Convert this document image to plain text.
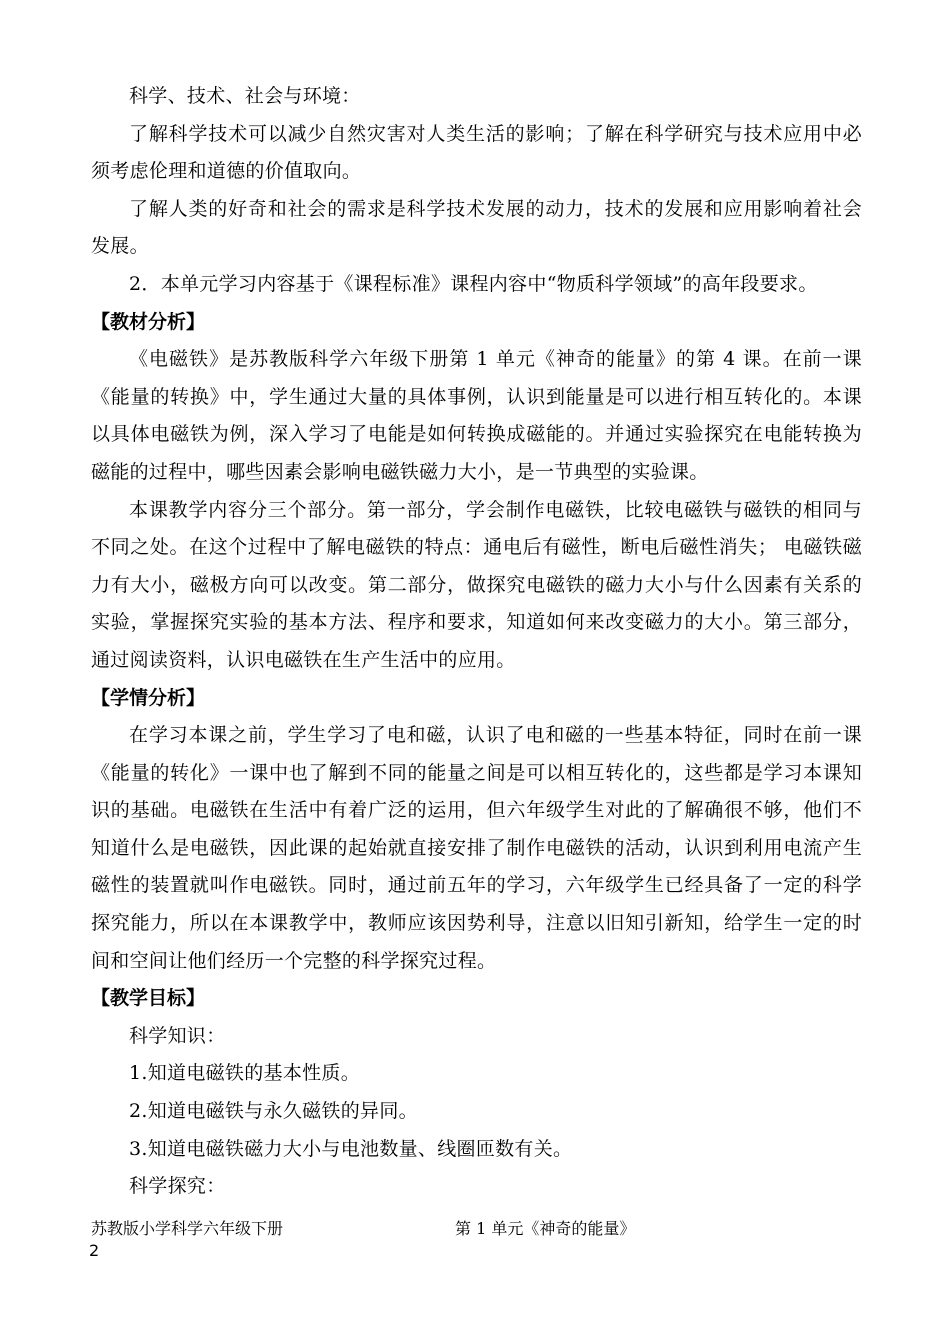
科学、技术、社会与环境：

了解科学技术可以减少自然灾害对人类生活的影响；了解在科学研究与技术应用中必须考虑伦理和道德的价值取向。

了解人类的好奇和社会的需求是科学技术发展的动力，技术的发展和应用影响着社会发展。

2．本单元学习内容基于《课程标准》课程内容中“物质科学领域”的高年段要求。

【教材分析】

《电磁铁》是苏教版科学六年级下册第 1 单元《神奇的能量》的第 4 课。在前一课《能量的转换》中，学生通过大量的具体事例，认识到能量是可以进行相互转化的。本课以具体电磁铁为例，深入学习了电能是如何转换成磁能的。并通过实验探究在电能转换为磁能的过程中，哪些因素会影响电磁铁磁力大小，是一节典型的实验课。

本课教学内容分三个部分。第一部分，学会制作电磁铁，比较电磁铁与磁铁的相同与不同之处。在这个过程中了解电磁铁的特点：通电后有磁性，断电后磁性消失； 电磁铁磁力有大小，磁极方向可以改变。第二部分，做探究电磁铁的磁力大小与什么因素有关系的实验，掌握探究实验的基本方法、程序和要求，知道如何来改变磁力的大小。第三部分，通过阅读资料，认识电磁铁在生产生活中的应用。

【学情分析】

在学习本课之前，学生学习了电和磁，认识了电和磁的一些基本特征，同时在前一课《能量的转化》一课中也了解到不同的能量之间是可以相互转化的，这些都是学习本课知识的基础。电磁铁在生活中有着广泛的运用，但六年级学生对此的了解确很不够，他们不知道什么是电磁铁，因此课的起始就直接安排了制作电磁铁的活动，认识到利用电流产生磁性的装置就叫作电磁铁。同时，通过前五年的学习，六年级学生已经具备了一定的科学探究能力，所以在本课教学中，教师应该因势利导，注意以旧知引新知，给学生一定的时间和空间让他们经历一个完整的科学探究过程。

【教学目标】

科学知识：

1.知道电磁铁的基本性质。

2.知道电磁铁与永久磁铁的异同。

3.知道电磁铁磁力大小与电池数量、线圈匝数有关。

科学探究：

苏教版小学科学六年级下册	第 1 单元《神奇的能量》
2
